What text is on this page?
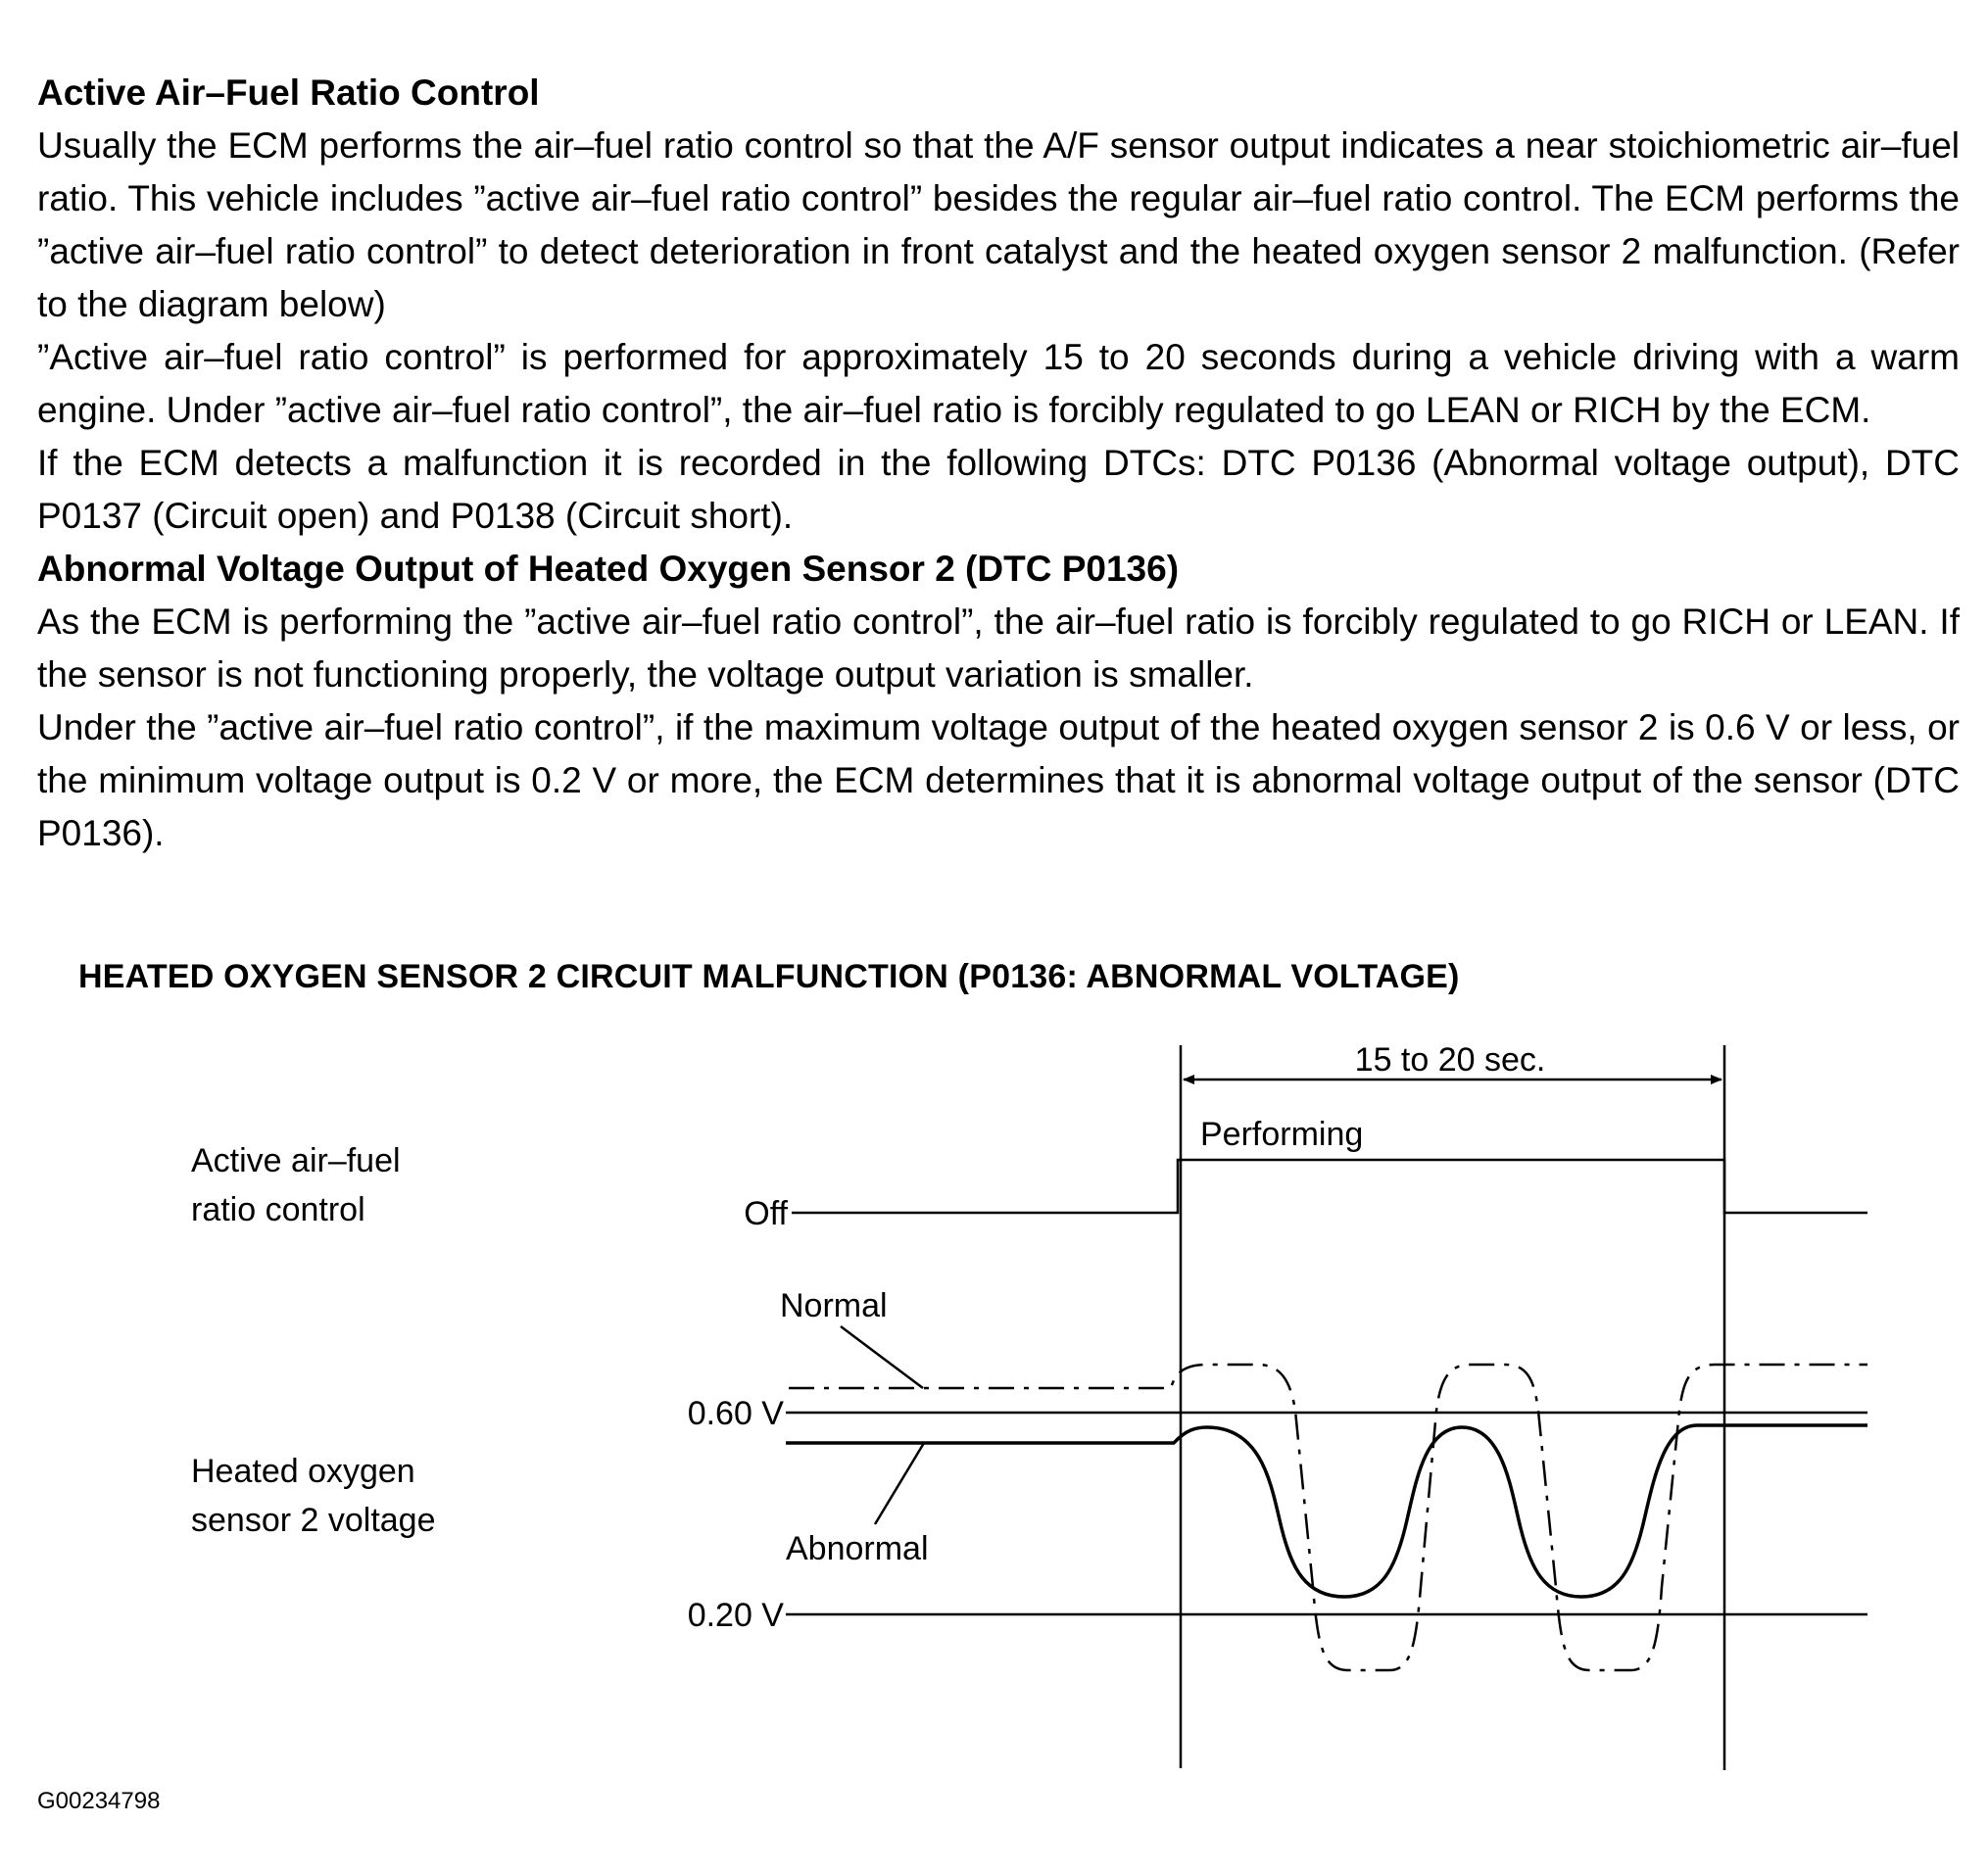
Active Air–Fuel Ratio Control

Usually the ECM performs the air–fuel ratio control so that the A/F sensor output indicates a near stoichiometric air–fuel ratio. This vehicle includes ”active air–fuel ratio control” besides the regular air–fuel ratio control. The ECM performs the ”active air–fuel ratio control” to detect deterioration in front catalyst and the heated oxygen sensor 2 malfunction. (Refer to the diagram below)

”Active air–fuel ratio control” is performed for approximately 15 to 20 seconds during a vehicle driving with a warm engine. Under ”active air–fuel ratio control”, the air–fuel ratio is forcibly regulated to go LEAN or RICH by the ECM.

If the ECM detects a malfunction it is recorded in the following DTCs: DTC P0136 (Abnormal voltage output), DTC P0137 (Circuit open) and P0138 (Circuit short).

Abnormal Voltage Output of Heated Oxygen Sensor 2 (DTC P0136)

As the ECM is performing the ”active air–fuel ratio control”, the air–fuel ratio is forcibly regulated to go RICH or LEAN. If the sensor is not functioning properly, the voltage output variation is smaller.

Under the ”active air–fuel ratio control”, if the maximum voltage output of the heated oxygen sensor 2 is 0.6 V or less, or the minimum voltage output is 0.2 V or more, the ECM determines that it is abnormal voltage output of the sensor (DTC P0136).

HEATED OXYGEN SENSOR 2 CIRCUIT MALFUNCTION (P0136: ABNORMAL VOLTAGE)
15 to 20 sec.
Performing
Off
Active air–fuel
ratio control
Normal
0.60 V
Heated oxygen
sensor 2 voltage
Abnormal
0.20 V
G00234798
